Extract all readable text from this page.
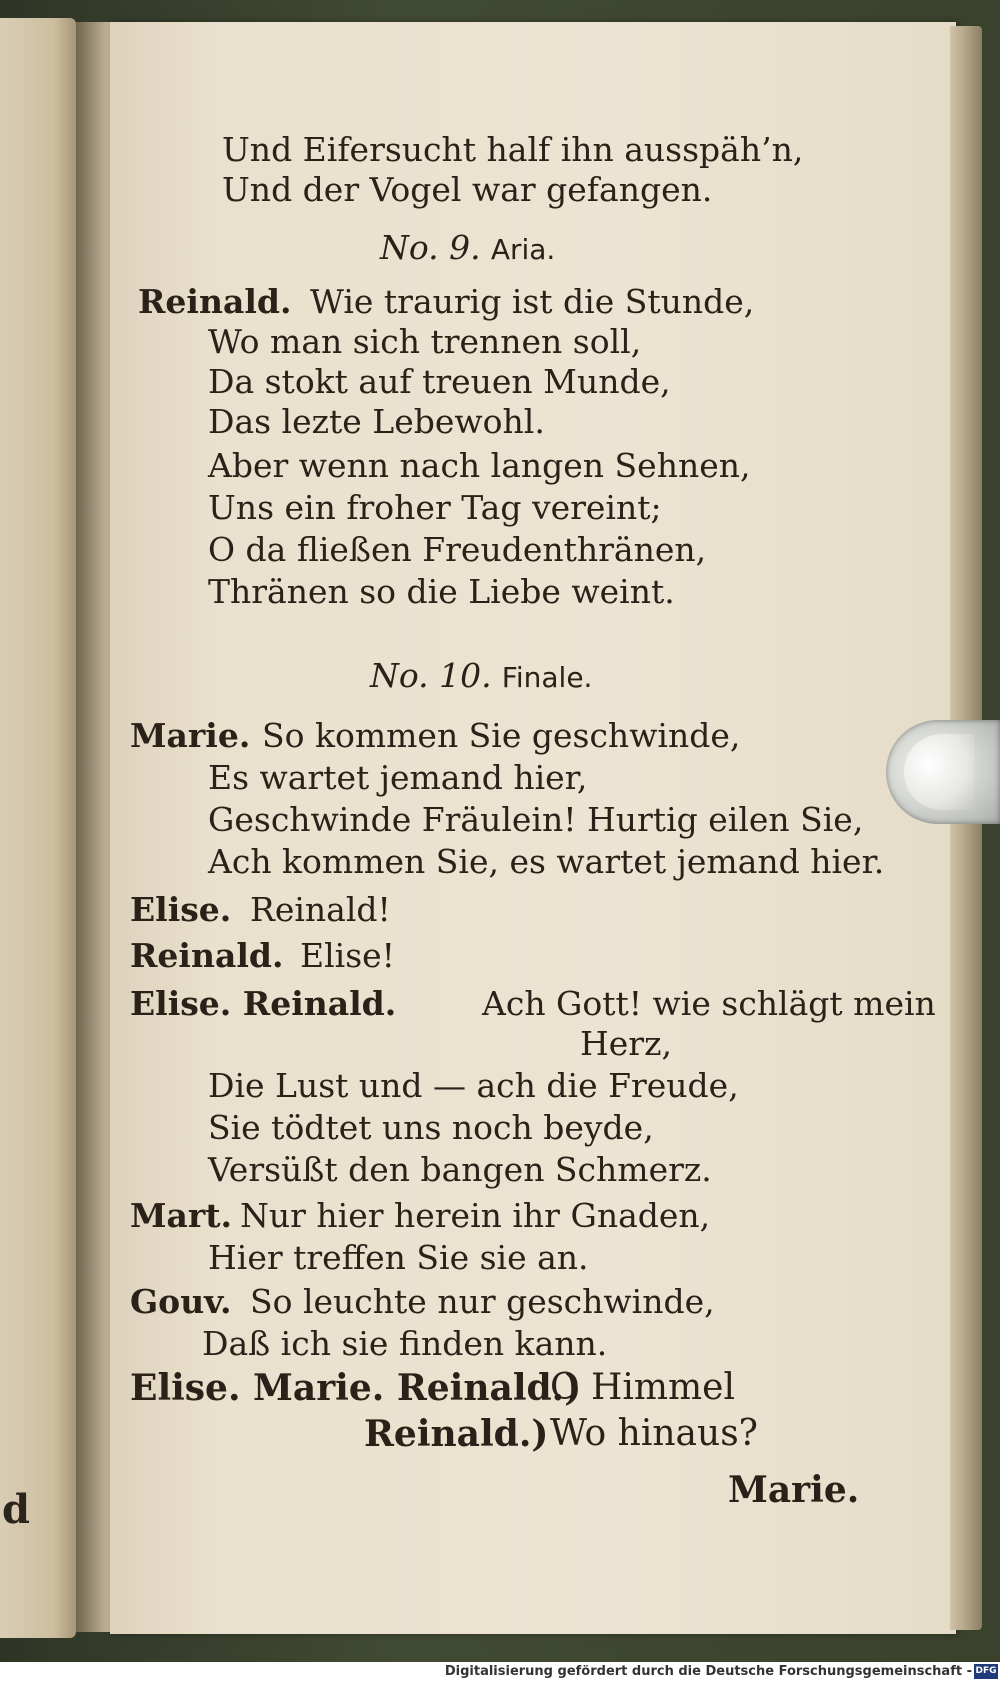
d
Und Eifersucht half ihn ausspäh’n,
Und der Vogel war gefangen.
No. 9. Aria.
Reinald. Wie traurig ist die Stunde,
Wo man sich trennen soll,
Da stokt auf treuen Munde,
Das lezte Lebewohl.
Aber wenn nach langen Sehnen,
Uns ein froher Tag vereint;
O da fließen Freudenthränen,
Thränen so die Liebe weint.
No. 10. Finale.
Marie. So kommen Sie geschwinde,
Es wartet jemand hier,
Geschwinde Fräulein! Hurtig eilen Sie,
Ach kommen Sie, es wartet jemand hier.
Elise. Reinald!
Reinald. Elise!
Elise. Reinald.	Ach Gott! wie schlägt mein
Herz,
Die Lust und — ach die Freude,
Sie tödtet uns noch beyde,
Versüßt den bangen Schmerz.
Mart. Nur hier herein ihr Gnaden,
Hier treffen Sie sie an.
Gouv. So leuchte nur geschwinde,
Daß ich sie finden kann.
Elise. Marie. Reinald.)
O Himmel
Reinald.) Wo hinaus?
Marie.
Digitalisierung gefördert durch die Deutsche Forschungsgemeinschaft - DFG
